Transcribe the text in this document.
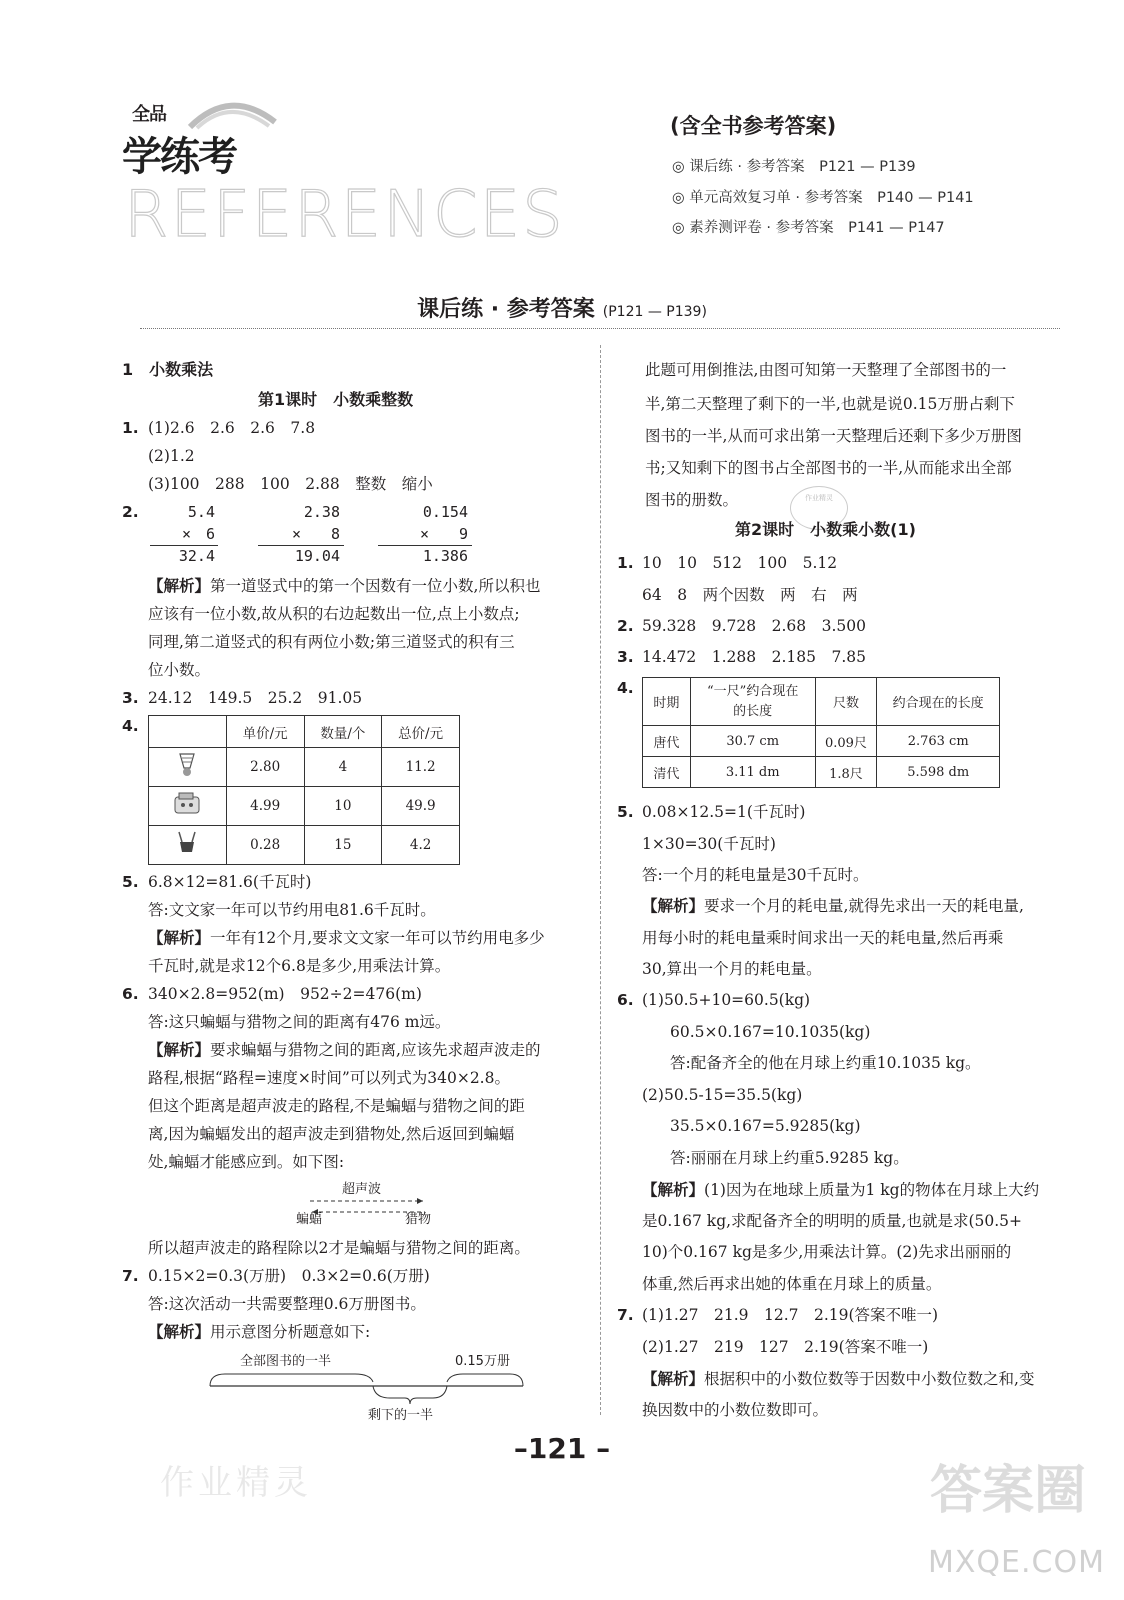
全品
学练考
REFERENCES
(含全书参考答案)
◎ 课后练 · 参考答案　P121 — P139
◎ 单元高效复习单 · 参考答案　P140 — P141
◎ 素养测评卷 · 参考答案　P141 — P147
课后练 · 参考答案 (P121 — P139)
1　小数乘法
第1课时　小数乘整数
1. (1)2.6　2.6　2.6　7.8
(2)1.2
(3)100　288　100　2.88　整数　缩小
2.	5.4
×　6
32.4
2.38
×　　8
19.04
0.154
×　　9
1.386
【解析】第一道竖式中的第一个因数有一位小数,所以积也
应该有一位小数,故从积的右边起数出一位,点上小数点;
同理,第二道竖式的积有两位小数;第三道竖式的积有三
位小数。
3. 24.12　149.5　25.2　91.05
4.
		单价/元	数量/个	总价/元
	2.80	4	11.2
	4.99	10	49.9
	0.28	15	4.2
5. 6.8×12=81.6(千瓦时)
答:文文家一年可以节约用电81.6千瓦时。
【解析】一年有12个月,要求文文家一年可以节约用电多少
千瓦时,就是求12个6.8是多少,用乘法计算。
6. 340×2.8=952(m)　952÷2=476(m)
答:这只蝙蝠与猎物之间的距离有476 m远。
【解析】要求蝙蝠与猎物之间的距离,应该先求超声波走的
路程,根据“路程=速度×时间”可以列式为340×2.8。
但这个距离是超声波走的路程,不是蝙蝠与猎物之间的距
离,因为蝙蝠发出的超声波走到猎物处,然后返回到蝙蝠
处,蝙蝠才能感应到。如下图:
超声波
蝙蝠	猎物
所以超声波走的路程除以2才是蝙蝠与猎物之间的距离。
7. 0.15×2=0.3(万册)　0.3×2=0.6(万册)
答:这次活动一共需要整理0.6万册图书。
【解析】用示意图分析题意如下:
全部图书的一半	0.15万册
剩下的一半
此题可用倒推法,由图可知第一天整理了全部图书的一
半,第二天整理了剩下的一半,也就是说0.15万册占剩下
图书的一半,从而可求出第一天整理后还剩下多少万册图
书;又知剩下的图书占全部图书的一半,从而能求出全部
图书的册数。	作业精灵
第2课时　小数乘小数(1)
1. 10　10　512　100　5.12
64　8　两个因数　两　右　两
2. 59.328　9.728　2.68　3.500
3. 14.472　1.288　2.185　7.85
4.
时期	“一尺”约合现在的长度	尺数	约合现在的长度
唐代	30.7 cm	0.09尺	2.763 cm
清代	3.11 dm	1.8尺	5.598 dm
5. 0.08×12.5=1(千瓦时)
1×30=30(千瓦时)
答:一个月的耗电量是30千瓦时。
【解析】要求一个月的耗电量,就得先求出一天的耗电量,
用每小时的耗电量乘时间求出一天的耗电量,然后再乘
30,算出一个月的耗电量。
6. (1)50.5+10=60.5(kg)
60.5×0.167=10.1035(kg)
答:配备齐全的他在月球上约重10.1035 kg。
(2)50.5-15=35.5(kg)
35.5×0.167=5.9285(kg)
答:丽丽在月球上约重5.9285 kg。
【解析】(1)因为在地球上质量为1 kg的物体在月球上大约
是0.167 kg,求配备齐全的明明的质量,也就是求(50.5+
10)个0.167 kg是多少,用乘法计算。(2)先求出丽丽的
体重,然后再求出她的体重在月球上的质量。
7. (1)1.27　21.9　12.7　2.19(答案不唯一)
(2)1.27　219　127　2.19(答案不唯一)
【解析】根据积中的小数位数等于因数中小数位数之和,变
换因数中的小数位数即可。
–121 –
作业精灵	答案圈
MXQE.COM
